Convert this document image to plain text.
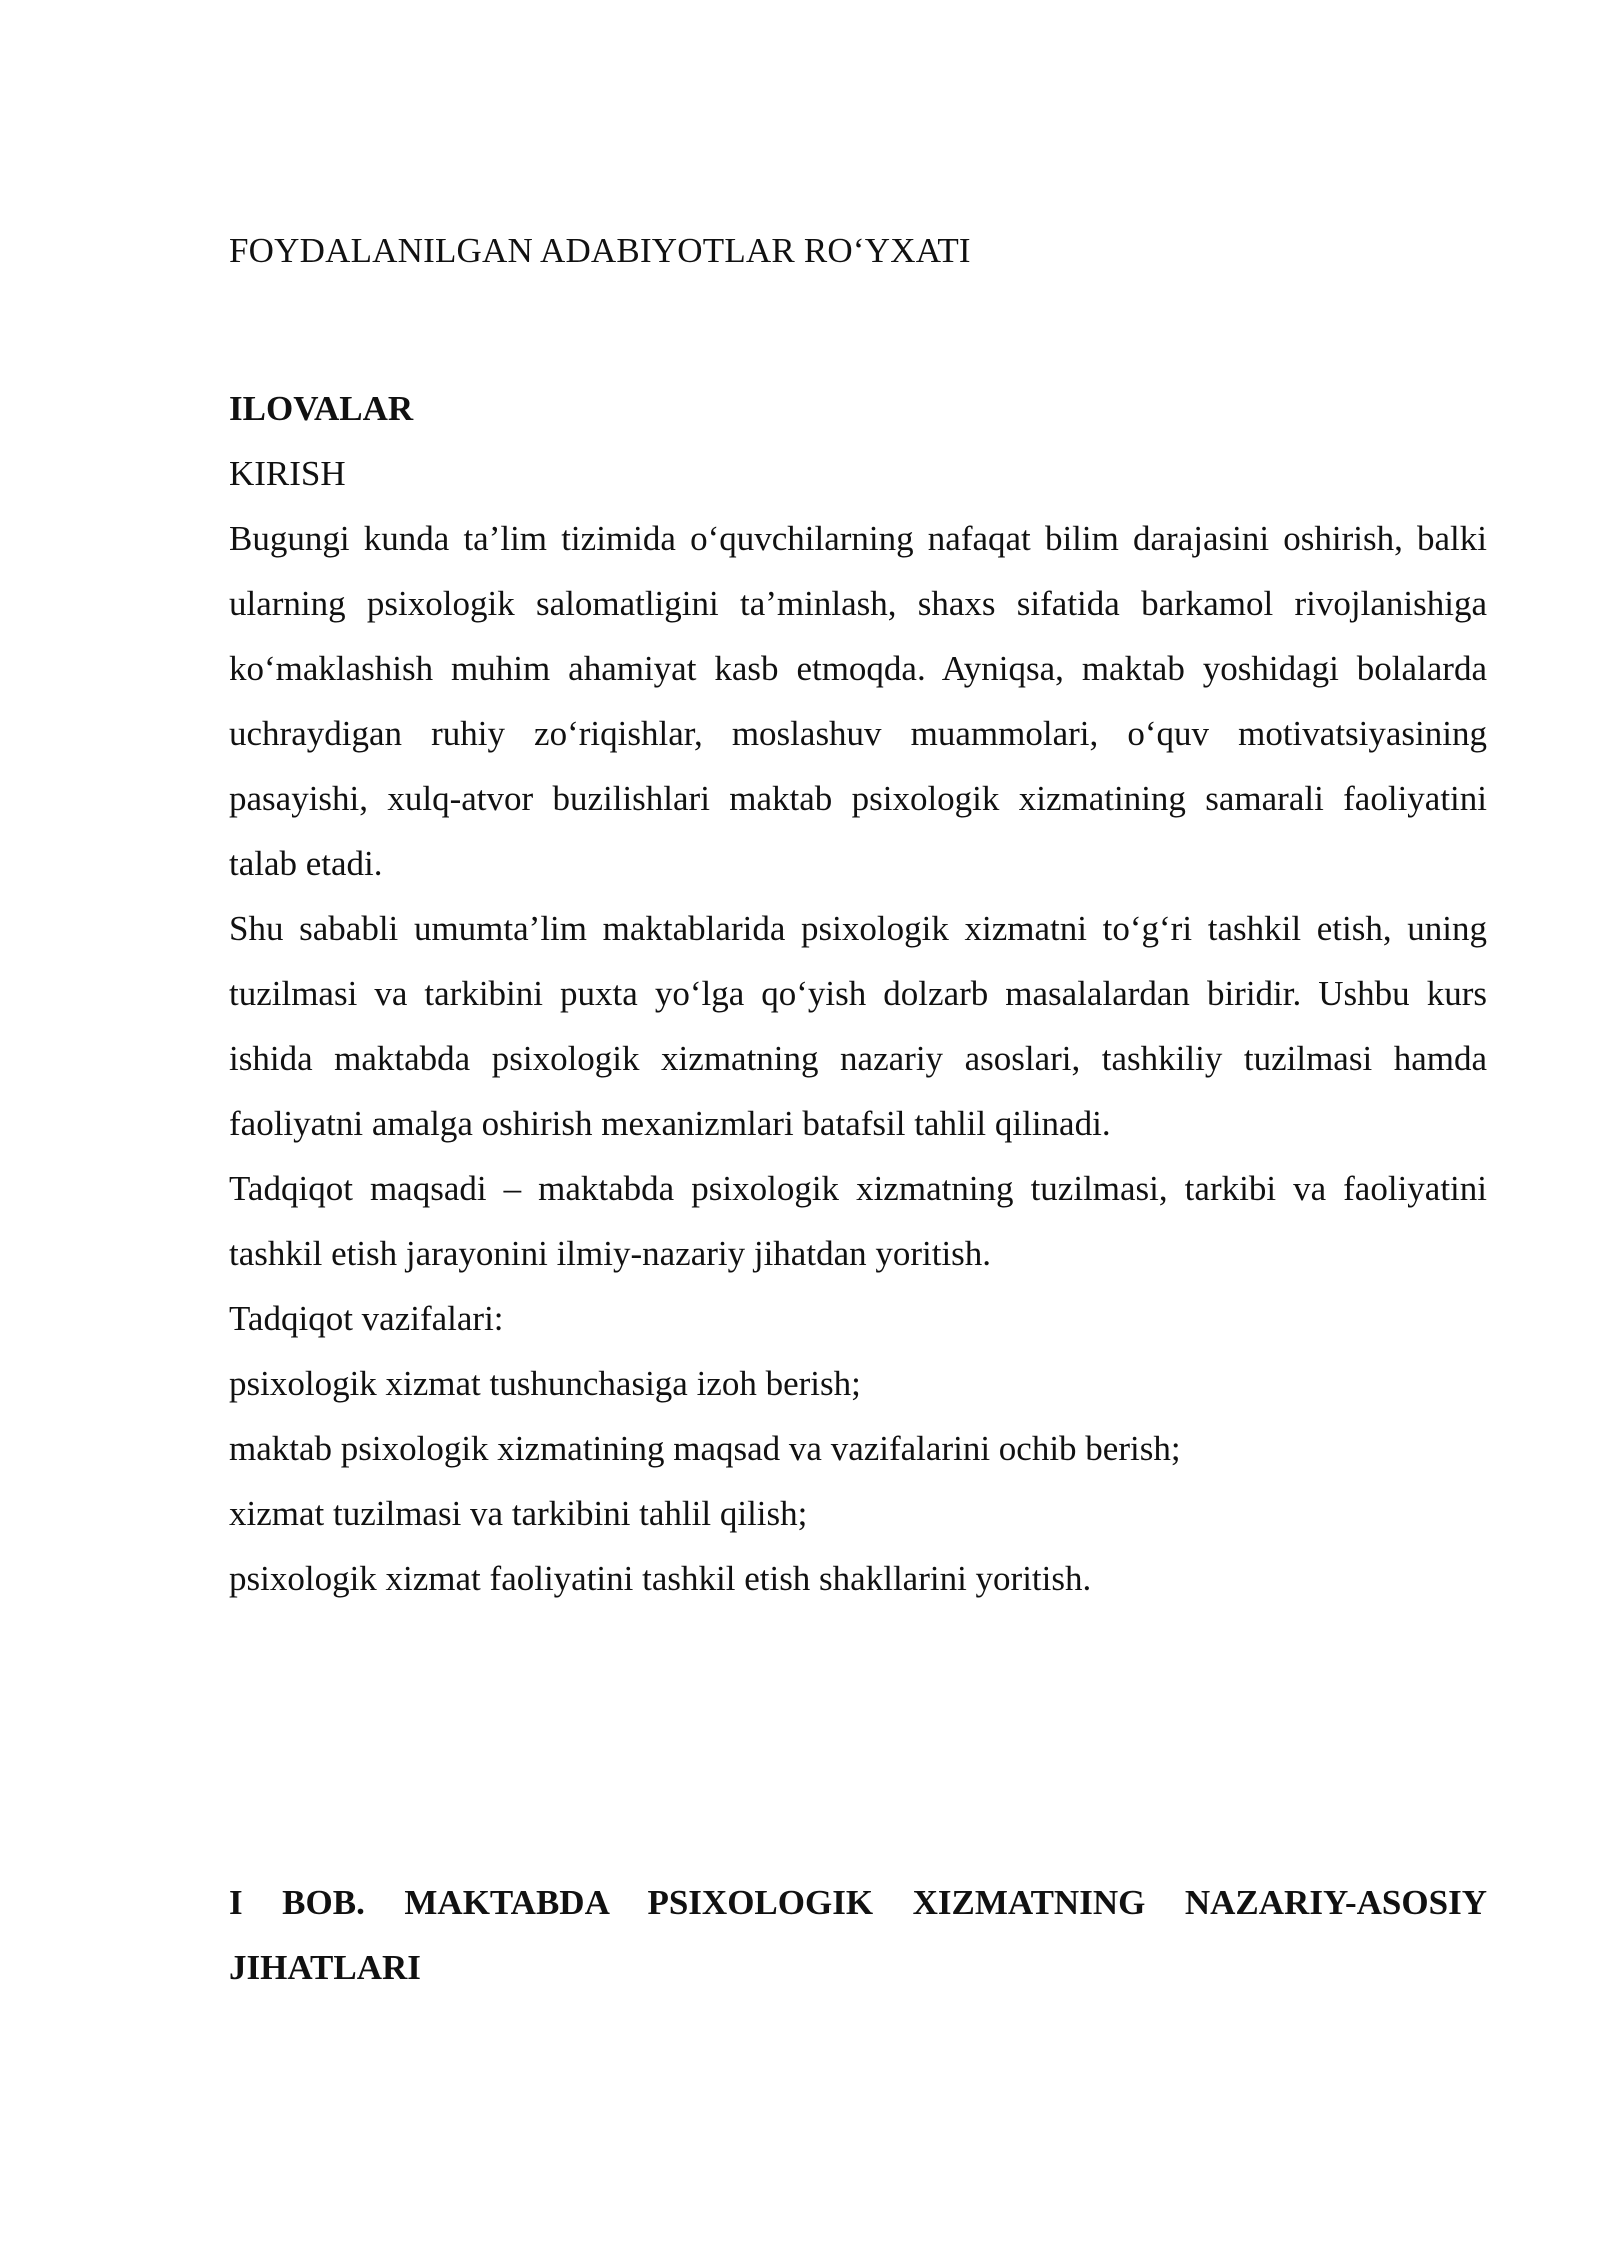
FOYDALANILGAN ADABIYOTLAR RO‘YXATI

ILOVALAR

KIRISH

Bugungi kunda ta’lim tizimida o‘quvchilarning nafaqat bilim darajasini oshirish, balki ularning psixologik salomatligini ta’minlash, shaxs sifatida barkamol rivojlanishiga ko‘maklashish muhim ahamiyat kasb etmoqda. Ayniqsa, maktab yoshidagi bolalarda uchraydigan ruhiy zo‘riqishlar, moslashuv muammolari, o‘quv motivatsiyasining pasayishi, xulq-atvor buzilishlari maktab psixologik xizmatining samarali faoliyatini talab etadi.

Shu sababli umumta’lim maktablarida psixologik xizmatni to‘g‘ri tashkil etish, uning tuzilmasi va tarkibini puxta yo‘lga qo‘yish dolzarb masalalardan biridir. Ushbu kurs ishida maktabda psixologik xizmatning nazariy asoslari, tashkiliy tuzilmasi hamda faoliyatni amalga oshirish mexanizmlari batafsil tahlil qilinadi.

Tadqiqot maqsadi – maktabda psixologik xizmatning tuzilmasi, tarkibi va faoliyatini tashkil etish jarayonini ilmiy-nazariy jihatdan yoritish.

Tadqiqot vazifalari:

psixologik xizmat tushunchasiga izoh berish;

maktab psixologik xizmatining maqsad va vazifalarini ochib berish;

xizmat tuzilmasi va tarkibini tahlil qilish;

psixologik xizmat faoliyatini tashkil etish shakllarini yoritish.

I BOB. MAKTABDA PSIXOLOGIK XIZMATNING NAZARIY-ASOSIY
JIHATLARI
